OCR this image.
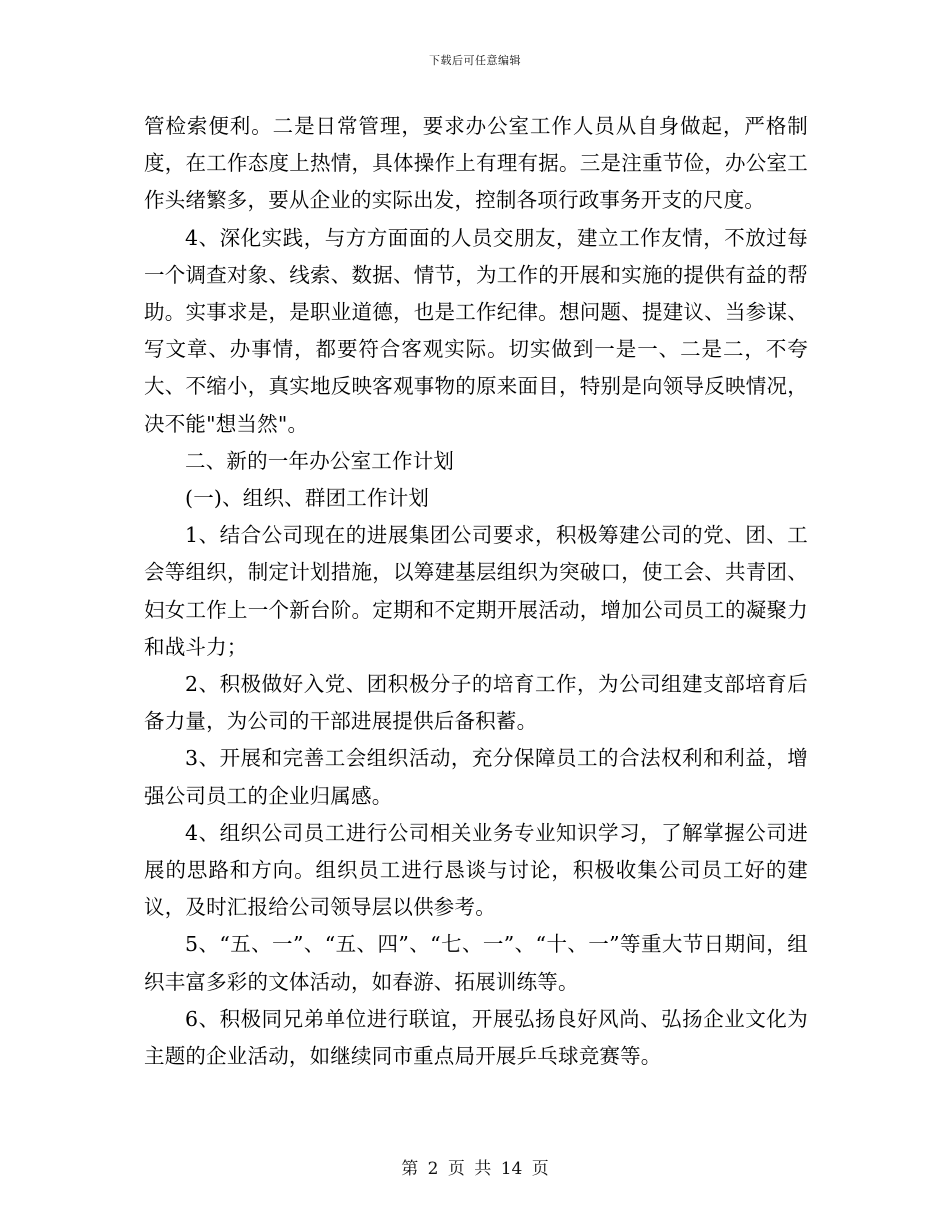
下载后可任意编辑

管检索便利。二是日常管理，要求办公室工作人员从自身做起，严格制度，在工作态度上热情，具体操作上有理有据。三是注重节俭，办公室工作头绪繁多，要从企业的实际出发，控制各项行政事务开支的尺度。

4、深化实践，与方方面面的人员交朋友，建立工作友情，不放过每一个调查对象、线索、数据、情节，为工作的开展和实施的提供有益的帮助。实事求是，是职业道德，也是工作纪律。想问题、提建议、当参谋、写文章、办事情，都要符合客观实际。切实做到一是一、二是二，不夸大、不缩小，真实地反映客观事物的原来面目，特别是向领导反映情况，决不能"想当然"。

二、新的一年办公室工作计划

(一)、组织、群团工作计划

1、结合公司现在的进展集团公司要求，积极筹建公司的党、团、工会等组织，制定计划措施，以筹建基层组织为突破口，使工会、共青团、妇女工作上一个新台阶。定期和不定期开展活动，增加公司员工的凝聚力和战斗力；

2、积极做好入党、团积极分子的培育工作，为公司组建支部培育后备力量，为公司的干部进展提供后备积蓄。

3、开展和完善工会组织活动，充分保障员工的合法权利和利益，增强公司员工的企业归属感。

4、组织公司员工进行公司相关业务专业知识学习，了解掌握公司进展的思路和方向。组织员工进行恳谈与讨论，积极收集公司员工好的建议，及时汇报给公司领导层以供参考。

5、“五、一”、“五、四”、“七、一”、“十、一”等重大节日期间，组织丰富多彩的文体活动，如春游、拓展训练等。

6、积极同兄弟单位进行联谊，开展弘扬良好风尚、弘扬企业文化为主题的企业活动，如继续同市重点局开展乒乓球竞赛等。

第 2 页 共 14 页
